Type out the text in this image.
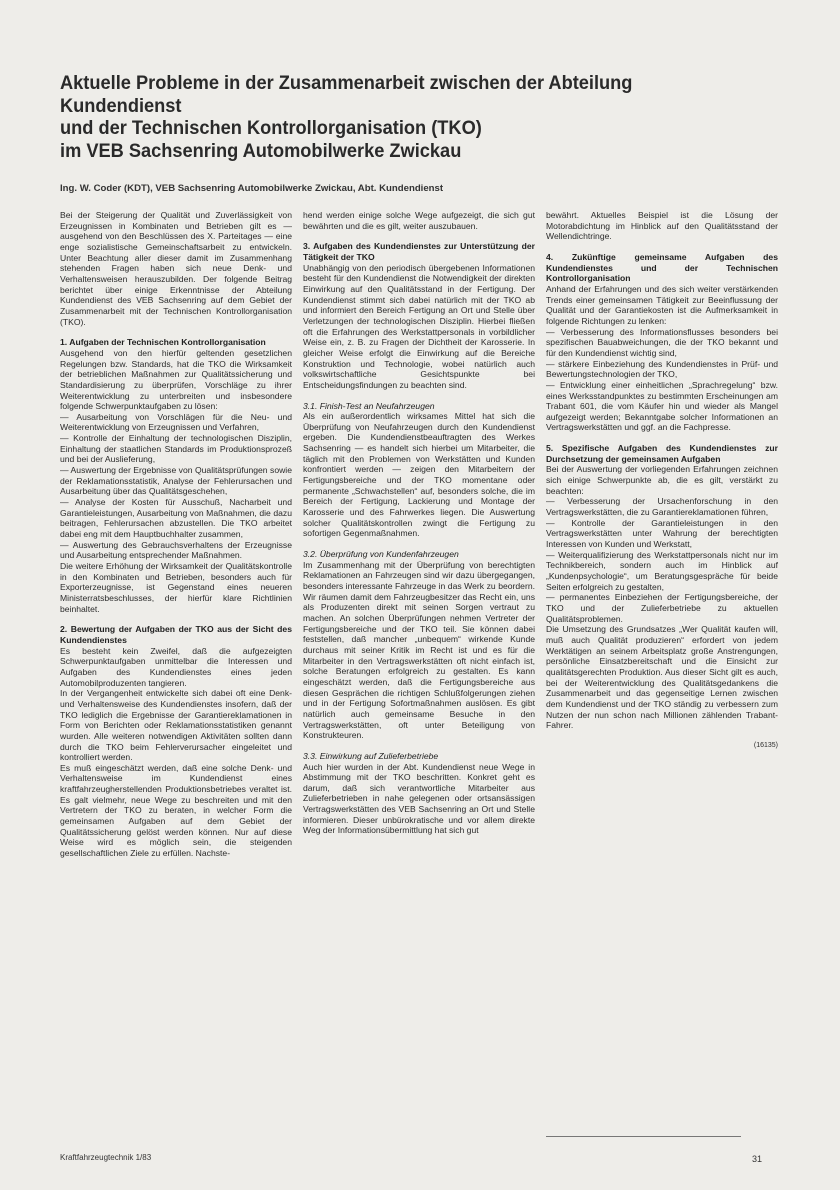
Aktuelle Probleme in der Zusammenarbeit zwischen der Abteilung
Kundendienst
und der Technischen Kontrollorganisation (TKO)
im VEB Sachsenring Automobilwerke Zwickau
Ing. W. Coder (KDT), VEB Sachsenring Automobilwerke Zwickau, Abt. Kundendienst

Bei der Steigerung der Qualität und Zuverlässigkeit von Erzeugnissen in Kombinaten und Betrieben gilt es — ausgehend von den Beschlüssen des X. Parteitages — eine enge sozialistische Gemeinschaftsarbeit zu entwickeln. Unter Beachtung aller dieser damit im Zusammenhang stehenden Fragen haben sich neue Denk- und Verhaltensweisen herauszubilden. Der folgende Beitrag berichtet über einige Erkenntnisse der Abteilung Kundendienst des VEB Sachsenring auf dem Gebiet der Zusammenarbeit mit der Technischen Kontrollorganisation (TKO).

1. Aufgaben der Technischen Kontrollorganisation

Ausgehend von den hierfür geltenden gesetzlichen Regelungen bzw. Standards, hat die TKO die Wirksamkeit der betrieblichen Maßnahmen zur Qualitätssicherung und Standardisierung zu überprüfen, Vorschläge zu ihrer Weiterentwicklung zu unterbreiten und insbesondere folgende Schwerpunktaufgaben zu lösen:
— Ausarbeitung von Vorschlägen für die Neu- und Weiterentwicklung von Erzeugnissen und Verfahren,
— Kontrolle der Einhaltung der technologischen Disziplin, Einhaltung der staatlichen Standards im Produktionsprozeß und bei der Auslieferung,
— Auswertung der Ergebnisse von Qualitätsprüfungen sowie der Reklamationsstatistik, Analyse der Fehlerursachen und Ausarbeitung über das Qualitätsgeschehen,
— Analyse der Kosten für Ausschuß, Nacharbeit und Garantieleistungen, Ausarbeitung von Maßnahmen, die dazu beitragen, Fehlerursachen abzustellen. Die TKO arbeitet dabei eng mit dem Hauptbuchhalter zusammen,
— Auswertung des Gebrauchsverhaltens der Erzeugnisse und Ausarbeitung entsprechender Maßnahmen.
Die weitere Erhöhung der Wirksamkeit der Qualitätskontrolle in den Kombinaten und Betrieben, besonders auch für Exporterzeugnisse, ist Gegenstand eines neueren Ministerratsbeschlusses, der hierfür klare Richtlinien beinhaltet.

2. Bewertung der Aufgaben der TKO aus der Sicht des Kundendienstes

Es besteht kein Zweifel, daß die aufgezeigten Schwerpunktaufgaben unmittelbar die Interessen und Aufgaben des Kundendienstes eines jeden Automobilproduzenten tangieren.
In der Vergangenheit entwickelte sich dabei oft eine Denk- und Verhaltensweise des Kundendienstes insofern, daß der TKO lediglich die Ergebnisse der Garantiereklamationen in Form von Berichten oder Reklamationsstatistiken genannt wurden. Alle weiteren notwendigen Aktivitäten sollten dann durch die TKO beim Fehlerverursacher eingeleitet und kontrolliert werden.
Es muß eingeschätzt werden, daß eine solche Denk- und Verhaltensweise im Kundendienst eines kraftfahrzeugherstellenden Produktionsbetriebes veraltet ist. Es galt vielmehr, neue Wege zu beschreiten und mit den Vertretern der TKO zu beraten, in welcher Form die gemeinsamen Aufgaben auf dem Gebiet der Qualitätssicherung gelöst werden können. Nur auf diese Weise wird es möglich sein, die steigenden gesellschaftlichen Ziele zu erfüllen. Nachste-

hend werden einige solche Wege aufgezeigt, die sich gut bewährten und die es gilt, weiter auszubauen.

3. Aufgaben des Kundendienstes zur Unterstützung der Tätigkeit der TKO

Unabhängig von den periodisch übergebenen Informationen besteht für den Kundendienst die Notwendigkeit der direkten Einwirkung auf den Qualitätsstand in der Fertigung. Der Kundendienst stimmt sich dabei natürlich mit der TKO ab und informiert den Bereich Fertigung an Ort und Stelle über Verletzungen der technologischen Disziplin. Hierbei fließen oft die Erfahrungen des Werkstattpersonals in vorbildlicher Weise ein, z. B. zu Fragen der Dichtheit der Karosserie. In gleicher Weise erfolgt die Einwirkung auf die Bereiche Konstruktion und Technologie, wobei natürlich auch volkswirtschaftliche Gesichtspunkte bei Entscheidungsfindungen zu beachten sind.

3.1. Finish-Test an Neufahrzeugen

Als ein außerordentlich wirksames Mittel hat sich die Überprüfung von Neufahrzeugen durch den Kundendienst ergeben. Die Kundendienstbeauftragten des Werkes Sachsenring — es handelt sich hierbei um Mitarbeiter, die täglich mit den Problemen von Werkstätten und Kunden konfrontiert werden — zeigen den Mitarbeitern der Fertigungsbereiche und der TKO momentane oder permanente „Schwachstellen“ auf, besonders solche, die im Bereich der Fertigung, Lackierung und Montage der Karosserie und des Fahrwerkes liegen. Die Auswertung solcher Qualitätskontrollen zwingt die Fertigung zu sofortigen Gegenmaßnahmen.

3.2. Überprüfung von Kundenfahrzeugen

Im Zusammenhang mit der Überprüfung von berechtigten Reklamationen an Fahrzeugen sind wir dazu übergegangen, besonders interessante Fahrzeuge in das Werk zu beordern. Wir räumen damit dem Fahrzeugbesitzer das Recht ein, uns als Produzenten direkt mit seinen Sorgen vertraut zu machen. An solchen Überprüfungen nehmen Vertreter der Fertigungsbereiche und der TKO teil. Sie können dabei feststellen, daß mancher „unbequem“ wirkende Kunde durchaus mit seiner Kritik im Recht ist und es für die Mitarbeiter in den Vertragswerkstätten oft nicht einfach ist, solche Beratungen erfolgreich zu gestalten. Es kann eingeschätzt werden, daß die Fertigungsbereiche aus diesen Gesprächen die richtigen Schlußfolgerungen ziehen und in der Fertigung Sofortmaßnahmen auslösen. Es gibt natürlich auch gemeinsame Besuche in den Vertragswerkstätten, oft unter Beteiligung von Konstrukteuren.

3.3. Einwirkung auf Zulieferbetriebe

Auch hier wurden in der Abt. Kundendienst neue Wege in Abstimmung mit der TKO beschritten. Konkret geht es darum, daß sich verantwortliche Mitarbeiter aus Zulieferbetrieben in nahe gelegenen oder ortsansässigen Vertragswerkstätten des VEB Sachsenring an Ort und Stelle informieren. Dieser unbürokratische und vor allem direkte Weg der Informationsübermittlung hat sich gut

bewährt. Aktuelles Beispiel ist die Lösung der Motorabdichtung im Hinblick auf den Qualitätsstand der Wellendichtringe.

4. Zukünftige gemeinsame Aufgaben des Kundendienstes und der Technischen Kontrollorganisation

Anhand der Erfahrungen und des sich weiter verstärkenden Trends einer gemeinsamen Tätigkeit zur Beeinflussung der Qualität und der Garantiekosten ist die Aufmerksamkeit in folgende Richtungen zu lenken:
— Verbesserung des Informationsflusses besonders bei spezifischen Bauabweichungen, die der TKO bekannt und für den Kundendienst wichtig sind,
— stärkere Einbeziehung des Kundendienstes in Prüf- und Bewertungstechnologien der TKO,
— Entwicklung einer einheitlichen „Sprachregelung“ bzw. eines Werksstandpunktes zu bestimmten Erscheinungen am Trabant 601, die vom Käufer hin und wieder als Mangel aufgezeigt werden; Bekanntgabe solcher Informationen an Vertragswerkstätten und ggf. an die Fachpresse.

5. Spezifische Aufgaben des Kundendienstes zur Durchsetzung der gemeinsamen Aufgaben

Bei der Auswertung der vorliegenden Erfahrungen zeichnen sich einige Schwerpunkte ab, die es gilt, verstärkt zu beachten:
— Verbesserung der Ursachenforschung in den Vertragswerkstätten, die zu Garantiereklamationen führen,
— Kontrolle der Garantieleistungen in den Vertragswerkstätten unter Wahrung der berechtigten Interessen von Kunden und Werkstatt,
— Weiterqualifizierung des Werkstattpersonals nicht nur im Technikbereich, sondern auch im Hinblick auf „Kundenpsychologie“, um Beratungsgespräche für beide Seiten erfolgreich zu gestalten,
— permanentes Einbeziehen der Fertigungsbereiche, der TKO und der Zulieferbetriebe zu aktuellen Qualitätsproblemen.
Die Umsetzung des Grundsatzes „Wer Qualität kaufen will, muß auch Qualität produzieren“ erfordert von jedem Werktätigen an seinem Arbeitsplatz große Anstrengungen, persönliche Einsatzbereitschaft und die Einsicht zur qualitätsgerechten Produktion. Aus dieser Sicht gilt es auch, bei der Weiterentwicklung des Qualitätsgedankens die Zusammenarbeit und das gegenseitige Lernen zwischen dem Kundendienst und der TKO ständig zu verbessern zum Nutzen der nun schon nach Millionen zählenden Trabant-Fahrer.

(16135)

Kraftfahrzeugtechnik 1/83	31
